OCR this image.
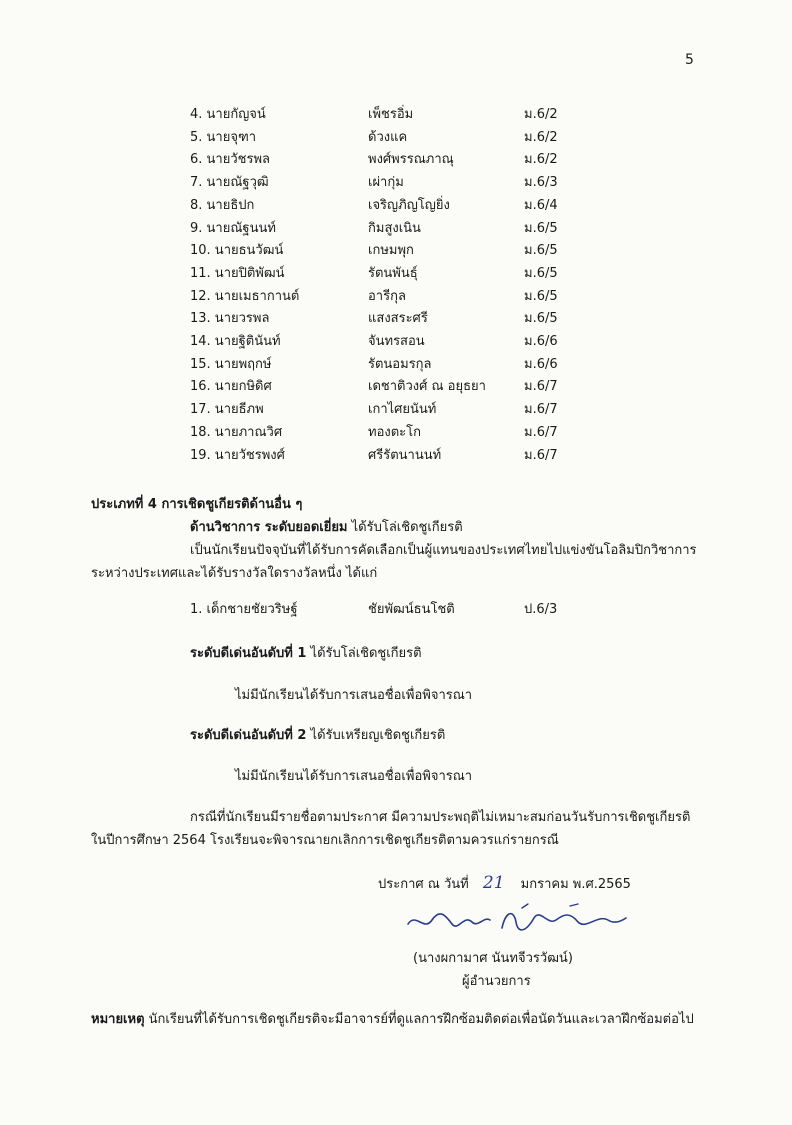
5
4. นายกัญจน์	เพ็ชรอิ่ม	ม.6/2
5. นายจุฑา	ด้วงแค	ม.6/2
6. นายวัชรพล	พงศ์พรรณภาณุ	ม.6/2
7. นายณัฐวุฒิ	เผ่ากุ่ม	ม.6/3
8. นายธิปก	เจริญภิญโญยิ่ง	ม.6/4
9. นายณัฐนนท์	กิมสูงเนิน	ม.6/5
10. นายธนวัฒน์	เกษมพุก	ม.6/5
11. นายปิติพัฒน์	รัตนพันธุ์	ม.6/5
12. นายเมธากานต์	อารีกุล	ม.6/5
13. นายวรพล	แสงสระศรี	ม.6/5
14. นายฐิตินันท์	จันทรสอน	ม.6/6
15. นายพฤกษ์	รัตนอมรกุล	ม.6/6
16. นายกษิดิศ	เดชาติวงศ์ ณ อยุธยา	ม.6/7
17. นายธีภพ	เกาไศยนันท์	ม.6/7
18. นายภาณวิศ	ทองตะโก	ม.6/7
19. นายวัชรพงศ์	ศรีรัตนานนท์	ม.6/7
ประเภทที่ 4 การเชิดชูเกียรติด้านอื่น ๆ
ด้านวิชาการ ระดับยอดเยี่ยม ได้รับโล่เชิดชูเกียรติ
เป็นนักเรียนปัจจุบันที่ได้รับการคัดเลือกเป็นผู้แทนของประเทศไทยไปแข่งขันโอลิมปิกวิชาการ
ระหว่างประเทศและได้รับรางวัลใดรางวัลหนึ่ง ได้แก่
1. เด็กชายชัยวริษฐ์	ชัยพัฒน์ธนโชติ	ป.6/3
ระดับดีเด่นอันดับที่ 1 ได้รับโล่เชิดชูเกียรติ
ไม่มีนักเรียนได้รับการเสนอชื่อเพื่อพิจารณา
ระดับดีเด่นอันดับที่ 2 ได้รับเหรียญเชิดชูเกียรติ
ไม่มีนักเรียนได้รับการเสนอชื่อเพื่อพิจารณา
กรณีที่นักเรียนมีรายชื่อตามประกาศ มีความประพฤติไม่เหมาะสมก่อนวันรับการเชิดชูเกียรติ
ในปีการศึกษา 2564 โรงเรียนจะพิจารณายกเลิกการเชิดชูเกียรติตามควรแก่รายกรณี
ประกาศ ณ วันที่ 21 มกราคม พ.ศ.2565
(นางผกามาศ นันทจีวรวัฒน์)
ผู้อำนวยการ
หมายเหตุ นักเรียนที่ได้รับการเชิดชูเกียรติจะมีอาจารย์ที่ดูแลการฝึกซ้อมติดต่อเพื่อนัดวันและเวลาฝึกซ้อมต่อไป
